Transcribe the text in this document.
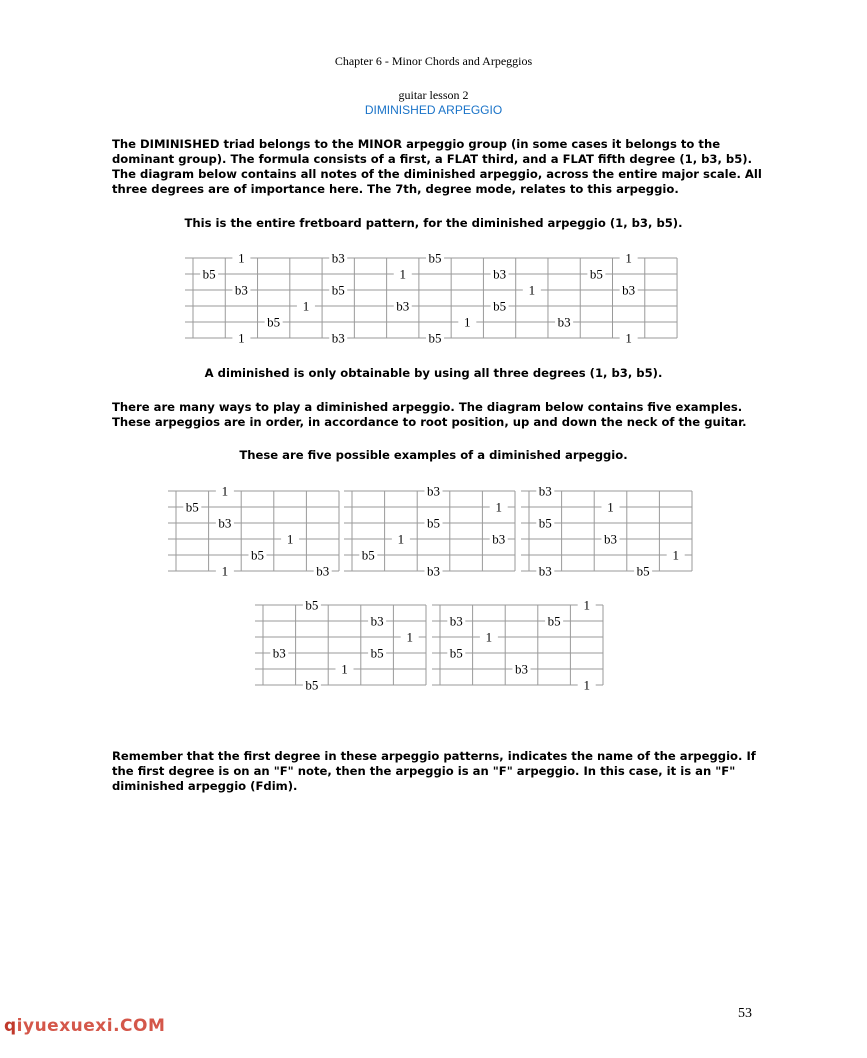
Chapter 6 - Minor Chords and Arpeggios
guitar lesson 2
DIMINISHED ARPEGGIO
The DIMINISHED triad belongs to the MINOR arpeggio group (in some cases it belongs to the dominant group). The formula consists of a first, a FLAT third, and a FLAT fifth degree (1, b3, b5). The diagram below contains all notes of the diminished arpeggio, across the entire major scale. All three degrees are of importance here. The 7th, degree mode, relates to this arpeggio.
This is the entire fretboard pattern, for the diminished arpeggio (1, b3, b5).
A diminished is only obtainable by using all three degrees (1, b3, b5).
There are many ways to play a diminished arpeggio. The diagram below contains five examples. These arpeggios are in order, in accordance to root position, up and down the neck of the guitar.
These are five possible examples of a diminished arpeggio.
Remember that the first degree in these arpeggio patterns, indicates the name of the arpeggio. If the first degree is on an "F" note, then the arpeggio is an "F" arpeggio. In this case, it is an "F" diminished arpeggio (Fdim).
1	b3	b5	1
b5	1	b3	b5
b3	b5	1	b3
1	b3	b5
b5	1	b3
1	b3	b5	1
1
b5
b3
1
b5
1	b3
b3
1
b5
1	b3
b5
b3
b3
1
b5
b3
1
b3	b5
b5
b3
1
b3	b5
1
b5
1
b3	b5
1
b5
b3
1
53
qiyuexuexi.COM
